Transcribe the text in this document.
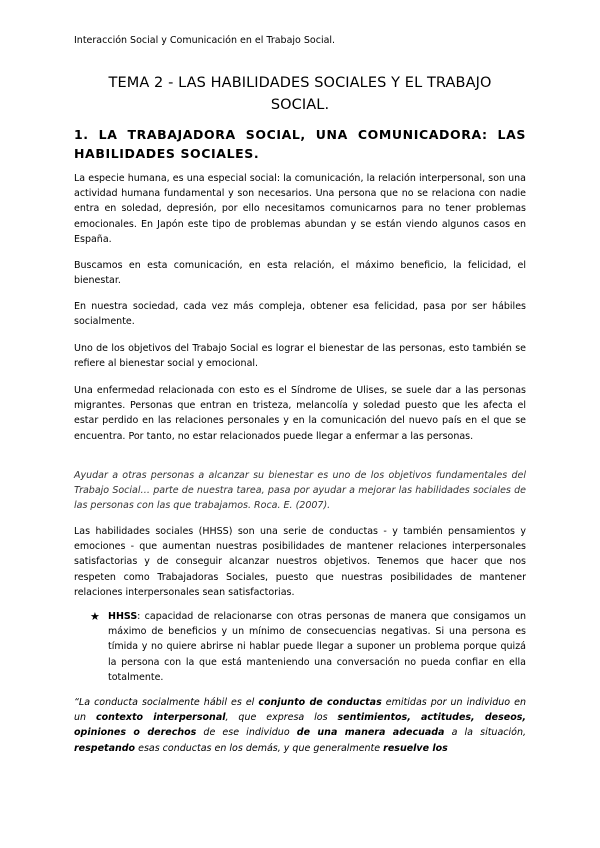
Interacción Social y Comunicación en el Trabajo Social.
TEMA 2 - LAS HABILIDADES SOCIALES Y EL TRABAJO
SOCIAL.
1. LA TRABAJADORA SOCIAL, UNA COMUNICADORA: LAS
HABILIDADES SOCIALES.

La especie humana, es una especial social: la comunicación, la relación interpersonal, son una actividad humana fundamental y son necesarios. Una persona que no se relaciona con nadie entra en soledad, depresión, por ello necesitamos comunicarnos para no tener problemas emocionales. En Japón este tipo de problemas abundan y se están viendo algunos casos en España.

Buscamos en esta comunicación, en esta relación, el máximo beneficio, la felicidad, el bienestar.

En nuestra sociedad, cada vez más compleja, obtener esa felicidad, pasa por ser hábiles socialmente.

Uno de los objetivos del Trabajo Social es lograr el bienestar de las personas, esto también se refiere al bienestar social y emocional.

Una enfermedad relacionada con esto es el Síndrome de Ulises, se suele dar a las personas migrantes. Personas que entran en tristeza, melancolía y soledad puesto que les afecta el estar perdido en las relaciones personales y en la comunicación del nuevo país en el que se encuentra. Por tanto, no estar relacionados puede llegar a enfermar a las personas.

Ayudar a otras personas a alcanzar su bienestar es uno de los objetivos fundamentales del Trabajo Social… parte de nuestra tarea, pasa por ayudar a mejorar las habilidades sociales de las personas con las que trabajamos. Roca. E. (2007).

Las habilidades sociales (HHSS) son una serie de conductas - y también pensamientos y emociones - que aumentan nuestras posibilidades de mantener relaciones interpersonales satisfactorias y de conseguir alcanzar nuestros objetivos. Tenemos que hacer que nos respeten como Trabajadoras Sociales, puesto que nuestras posibilidades de mantener relaciones interpersonales sean satisfactorias.

★ HHSS: capacidad de relacionarse con otras personas de manera que consigamos un máximo de beneficios y un mínimo de consecuencias negativas. Si una persona es tímida y no quiere abrirse ni hablar puede llegar a suponer un problema porque quizá la persona con la que está manteniendo una conversación no pueda confiar en ella totalmente.

“La conducta socialmente hábil es el conjunto de conductas emitidas por un individuo en un contexto interpersonal, que expresa los sentimientos, actitudes, deseos, opiniones o derechos de ese individuo de una manera adecuada a la situación, respetando esas conductas en los demás, y que generalmente resuelve los
